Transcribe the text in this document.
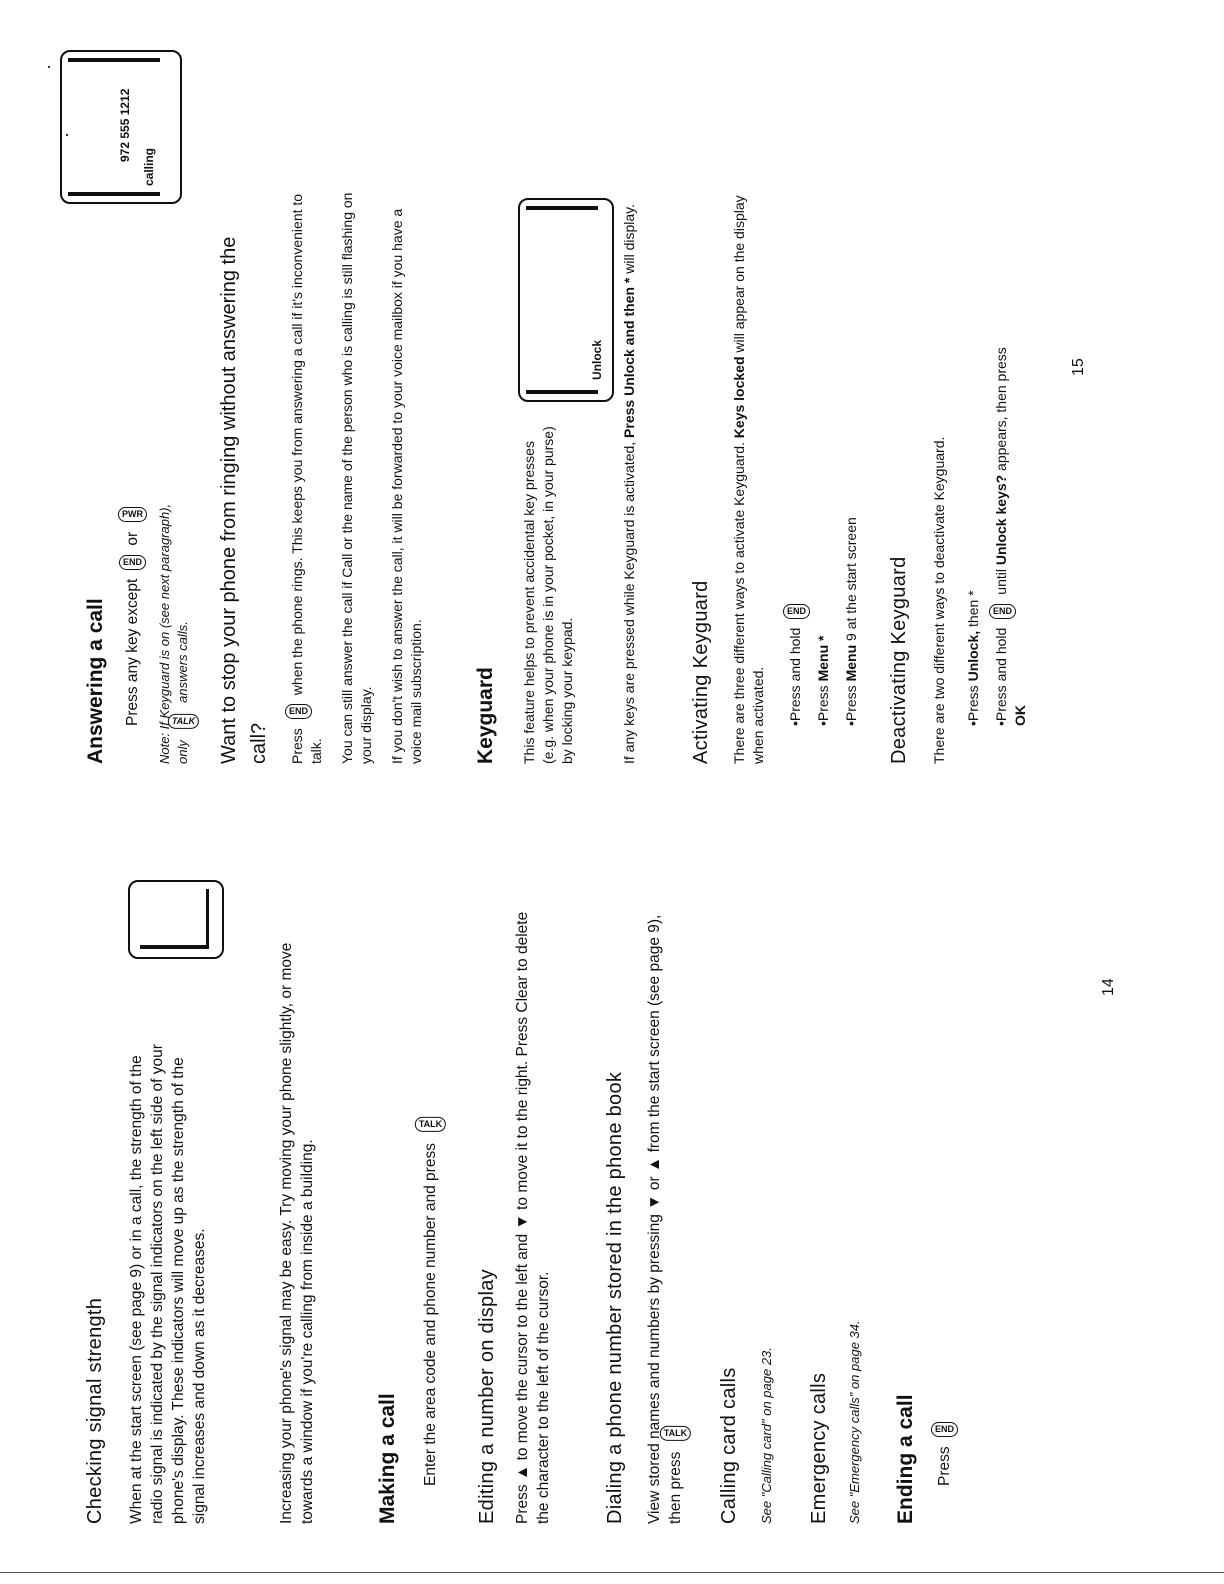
Checking signal strength When at the start screen (see page 9) or in a call, the strength of the radio signal is indicated by the signal indicators on the left side of your phone's display. These indicators will move up as the strength of the signal increases and down as it decreases.	Increasing your phone's signal may be easy. Try moving your phone slightly, or move towards a window if you're calling from inside a building.	Making a call Enter the area code and phone number and pressTALK

Editing a number on display Press ▲ to move the cursor to the left and ▼ to move it to the right. Press Clear to delete the character to the left of the cursor.	Dialing a phone number stored in the phone book View stored names and numbers by pressing ▼ or ▲ from the start screen (see page 9), then pressTALK Calling card calls See "Calling card" on page 23. Emergency calls See "Emergency calls" on page 34. Ending a call PressEND

14
Answering a call Press any key exceptENDorPWR Note: If Keyguard is on (see next paragraph), onlyTALKanswers calls.

972 555 1212
calling
Want to stop your phone from ringing without answering the call? PressENDwhen the phone rings. This keeps you from answering a call if it's inconvenient to talk. You can still answer the call if Call or the name of the person who is calling is still flashing on your display. If you don't wish to answer the call, it will be forwarded to your voice mailbox if you have a voice mail subscription. Keyguard This feature helps to prevent accidental key presses (e.g. when your phone is in your pocket, in your purse) by locking your keypad.

Unlock

If any keys are pressed while Keyguard is activated, Press Unlock and then * will display.

Activating Keyguard There are three different ways to activate Keyguard. Keys locked will appear on the display when activated. •Press and holdEND

•Press Menu *

•Press Menu 9 at the start screen Deactivating Keyguard There are two different ways to deactivate Keyguard. •Press Unlock, then *

•Press and holdENDuntil Unlock keys? appears, then press
OK

15
